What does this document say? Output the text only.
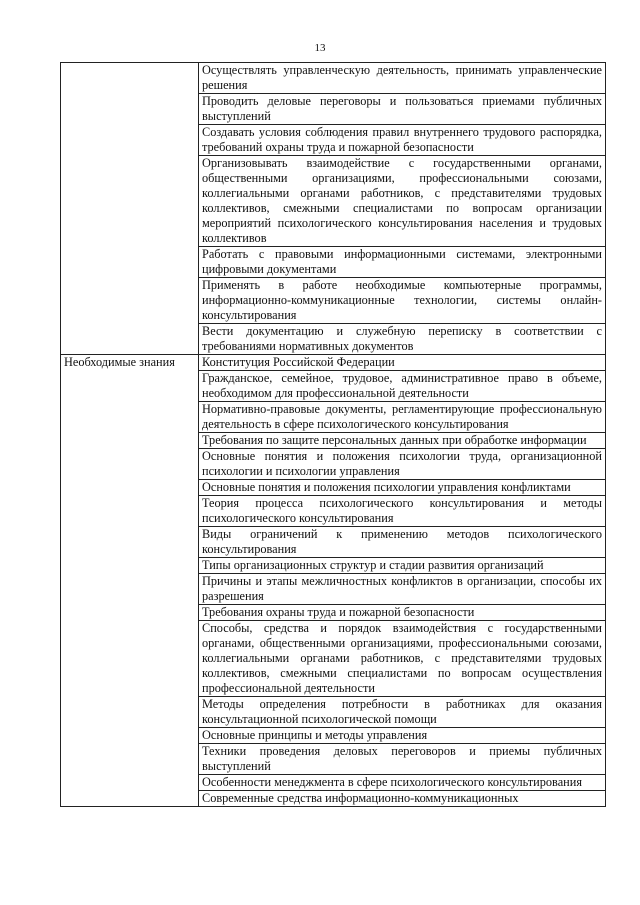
13
	Осуществлять управленческую деятельность, принимать управленческие решения
	Проводить деловые переговоры и пользоваться приемами публичных выступлений
	Создавать условия соблюдения правил внутреннего трудового распорядка, требований охраны труда и пожарной безопасности
	Организовывать взаимодействие с государственными органами, общественными организациями, профессиональными союзами, коллегиальными органами работников, с представителями трудовых коллективов, смежными специалистами по вопросам организации мероприятий психологического консультирования населения и трудовых коллективов
	Работать с правовыми информационными системами, электронными цифровыми документами
	Применять в работе необходимые компьютерные программы, информационно-коммуникационные технологии, системы онлайн-консультирования
	Вести документацию и служебную переписку в соответствии с требованиями нормативных документов
Необходимые знания	Конституция Российской Федерации
	Гражданское, семейное, трудовое, административное право в объеме, необходимом для профессиональной деятельности
	Нормативно-правовые документы, регламентирующие профессиональную деятельность в сфере психологического консультирования
	Требования по защите персональных данных при обработке информации
	Основные понятия и положения психологии труда, организационной психологии и психологии управления
	Основные понятия и положения психологии управления конфликтами
	Теория процесса психологического консультирования и методы психологического консультирования
	Виды ограничений к применению методов психологического консультирования
	Типы организационных структур и стадии развития организаций
	Причины и этапы межличностных конфликтов в организации, способы их разрешения
	Требования охраны труда и пожарной безопасности
	Способы, средства и порядок взаимодействия с государственными органами, общественными организациями, профессиональными союзами, коллегиальными органами работников, с представителями трудовых коллективов, смежными специалистами по вопросам осуществления профессиональной деятельности
	Методы определения потребности в работниках для оказания консультационной психологической помощи
	Основные принципы и методы управления
	Техники проведения деловых переговоров и приемы публичных выступлений
	Особенности менеджмента в сфере психологического консультирования
	Современные средства информационно-коммуникационных
